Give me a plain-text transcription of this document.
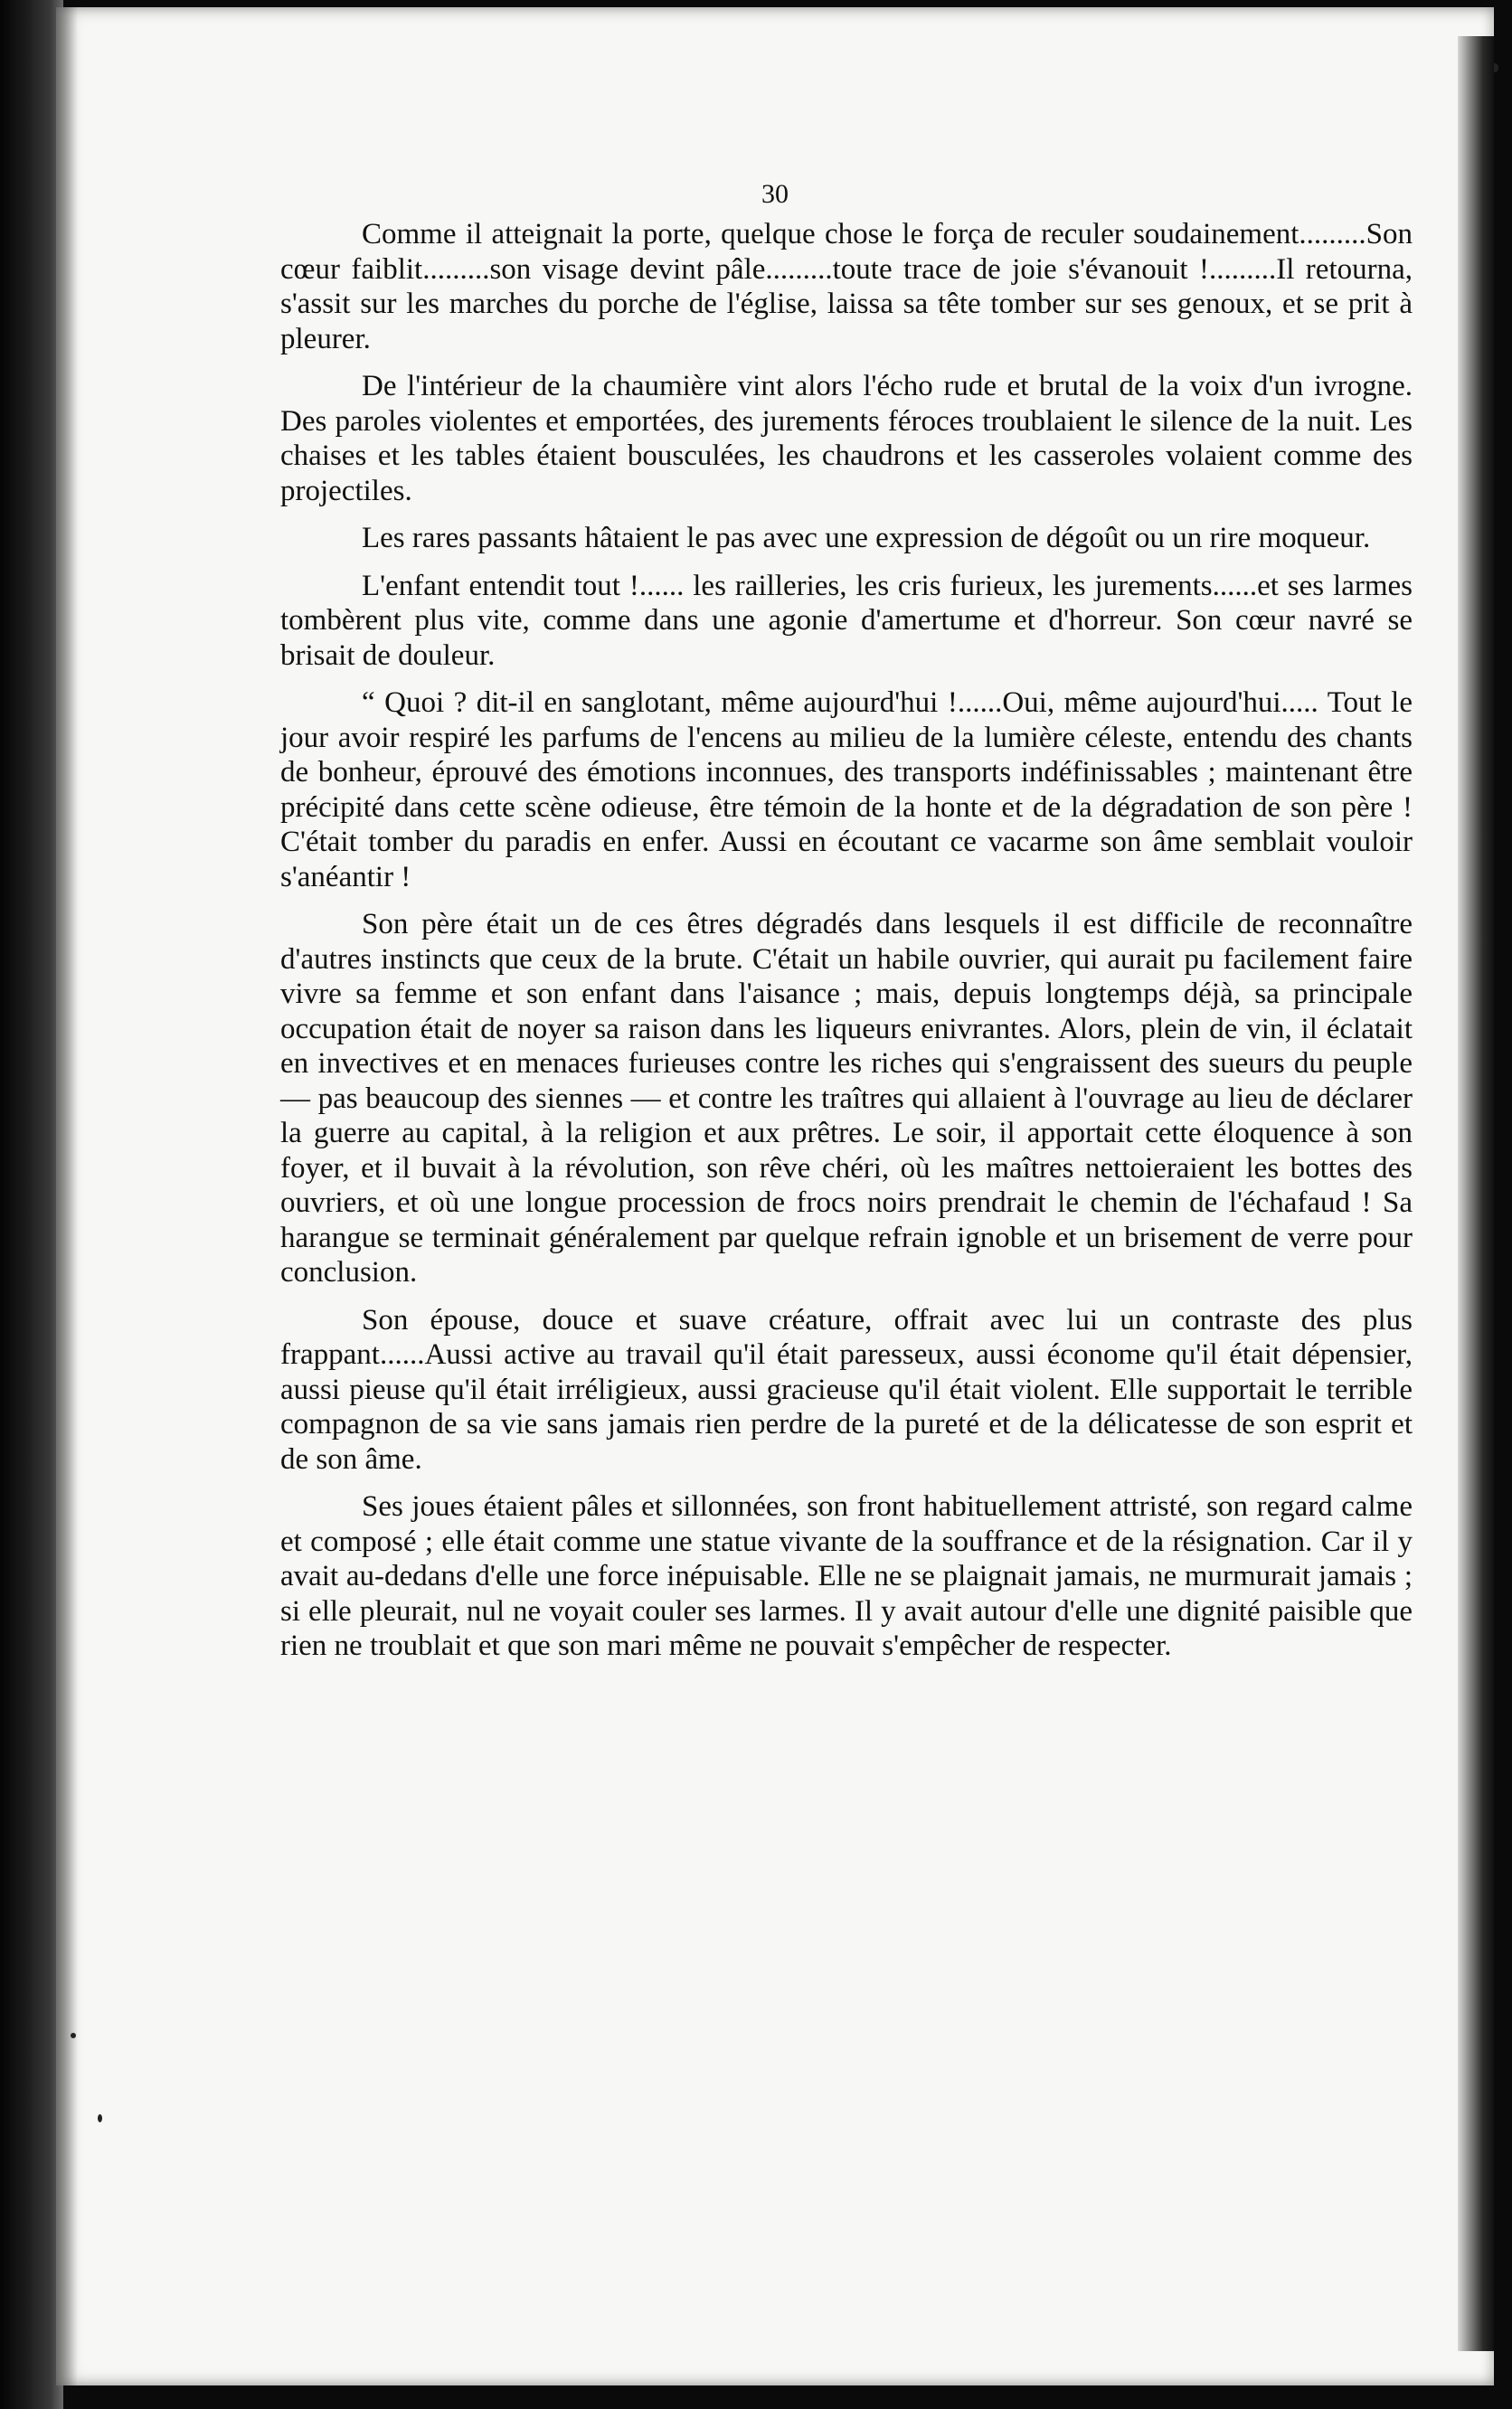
30

Comme il atteignait la porte, quelque chose le força de reculer soudainement.........Son cœur faiblit.........son visage devint pâle.........toute trace de joie s'évanouit !.........Il retourna, s'assit sur les marches du porche de l'église, laissa sa tête tomber sur ses genoux, et se prit à pleurer.

De l'intérieur de la chaumière vint alors l'écho rude et brutal de la voix d'un ivrogne. Des paroles violentes et emportées, des jurements féroces troublaient le silence de la nuit. Les chaises et les tables étaient bousculées, les chaudrons et les casseroles volaient comme des projectiles.

Les rares passants hâtaient le pas avec une expression de dégoût ou un rire moqueur.

L'enfant entendit tout !...... les railleries, les cris furieux, les jurements......et ses larmes tombèrent plus vite, comme dans une agonie d'amertume et d'horreur. Son cœur navré se brisait de douleur.

“ Quoi ? dit-il en sanglotant, même aujourd'hui !......Oui, même aujourd'hui..... Tout le jour avoir respiré les parfums de l'encens au milieu de la lumière céleste, entendu des chants de bonheur, éprouvé des émotions inconnues, des transports indéfinissables ; maintenant être précipité dans cette scène odieuse, être témoin de la honte et de la dégradation de son père ! C'était tomber du paradis en enfer. Aussi en écoutant ce vacarme son âme semblait vouloir s'anéantir !

Son père était un de ces êtres dégradés dans lesquels il est difficile de reconnaître d'autres instincts que ceux de la brute. C'était un habile ouvrier, qui aurait pu facilement faire vivre sa femme et son enfant dans l'aisance ; mais, depuis longtemps déjà, sa principale occupation était de noyer sa raison dans les liqueurs enivrantes. Alors, plein de vin, il éclatait en invectives et en menaces furieuses contre les riches qui s'engraissent des sueurs du peuple — pas beaucoup des siennes — et contre les traîtres qui allaient à l'ouvrage au lieu de déclarer la guerre au capital, à la religion et aux prêtres. Le soir, il apportait cette éloquence à son foyer, et il buvait à la révolution, son rêve chéri, où les maîtres nettoieraient les bottes des ouvriers, et où une longue procession de frocs noirs prendrait le chemin de l'échafaud ! Sa harangue se terminait généralement par quelque refrain ignoble et un brisement de verre pour conclusion.

Son épouse, douce et suave créature, offrait avec lui un contraste des plus frappant......Aussi active au travail qu'il était paresseux, aussi économe qu'il était dépensier, aussi pieuse qu'il était irréligieux, aussi gracieuse qu'il était violent. Elle supportait le terrible compagnon de sa vie sans jamais rien perdre de la pureté et de la délicatesse de son esprit et de son âme.

Ses joues étaient pâles et sillonnées, son front habituellement attristé, son regard calme et composé ; elle était comme une statue vivante de la souffrance et de la résignation. Car il y avait au-dedans d'elle une force inépuisable. Elle ne se plaignait jamais, ne murmurait jamais ; si elle pleurait, nul ne voyait couler ses larmes. Il y avait autour d'elle une dignité paisible que rien ne troublait et que son mari même ne pouvait s'empêcher de respecter.
